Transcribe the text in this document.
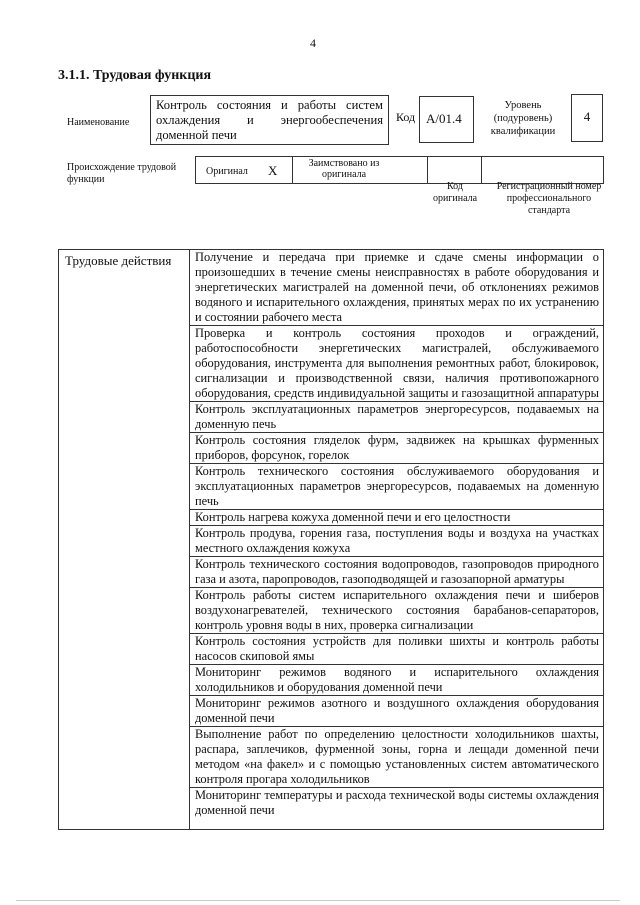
4
3.1.1. Трудовая функция
Наименование
Контроль состояния и работы систем охлаждения и энергообеспечения доменной печи
Код А/01.4
Уровень (подуровень) квалификации
4
Происхождение трудовой функции
Оригинал X	Заимствовано из оригинала
Код оригинала
Регистрационный номер профессионального стандарта
Трудовые действия	Получение и передача при приемке и сдаче смены информации о произошедших в течение смены неисправностях в работе оборудования и энергетических магистралей на доменной печи, об отклонениях режимов водяного и испарительного охлаждения, принятых мерах по их устранению и состоянии рабочего места
Проверка и контроль состояния проходов и ограждений, работоспособности энергетических магистралей, обслуживаемого оборудования, инструмента для выполнения ремонтных работ, блокировок, сигнализации и производственной связи, наличия противопожарного оборудования, средств индивидуальной защиты и газозащитной аппаратуры
Контроль эксплуатационных параметров энергоресурсов, подаваемых на доменную печь
Контроль состояния гляделок фурм, задвижек на крышках фурменных приборов, форсунок, горелок
Контроль технического состояния обслуживаемого оборудования и эксплуатационных параметров энергоресурсов, подаваемых на доменную печь
Контроль нагрева кожуха доменной печи и его целостности
Контроль продува, горения газа, поступления воды и воздуха на участках местного охлаждения кожуха
Контроль технического состояния водопроводов, газопроводов природного газа и азота, паропроводов, газоподводящей и газозапорной арматуры
Контроль работы систем испарительного охлаждения печи и шиберов воздухонагревателей, технического состояния барабанов-сепараторов, контроль уровня воды в них, проверка сигнализации
Контроль состояния устройств для поливки шихты и контроль работы насосов скиповой ямы
Мониторинг режимов водяного и испарительного охлаждения холодильников и оборудования доменной печи
Мониторинг режимов азотного и воздушного охлаждения оборудования доменной печи
Выполнение работ по определению целостности холодильников шахты, распара, заплечиков, фурменной зоны, горна и лещади доменной печи методом «на факел» и с помощью установленных систем автоматического контроля прогара холодильников
Мониторинг температуры и расхода технической воды системы охлаждения доменной печи
